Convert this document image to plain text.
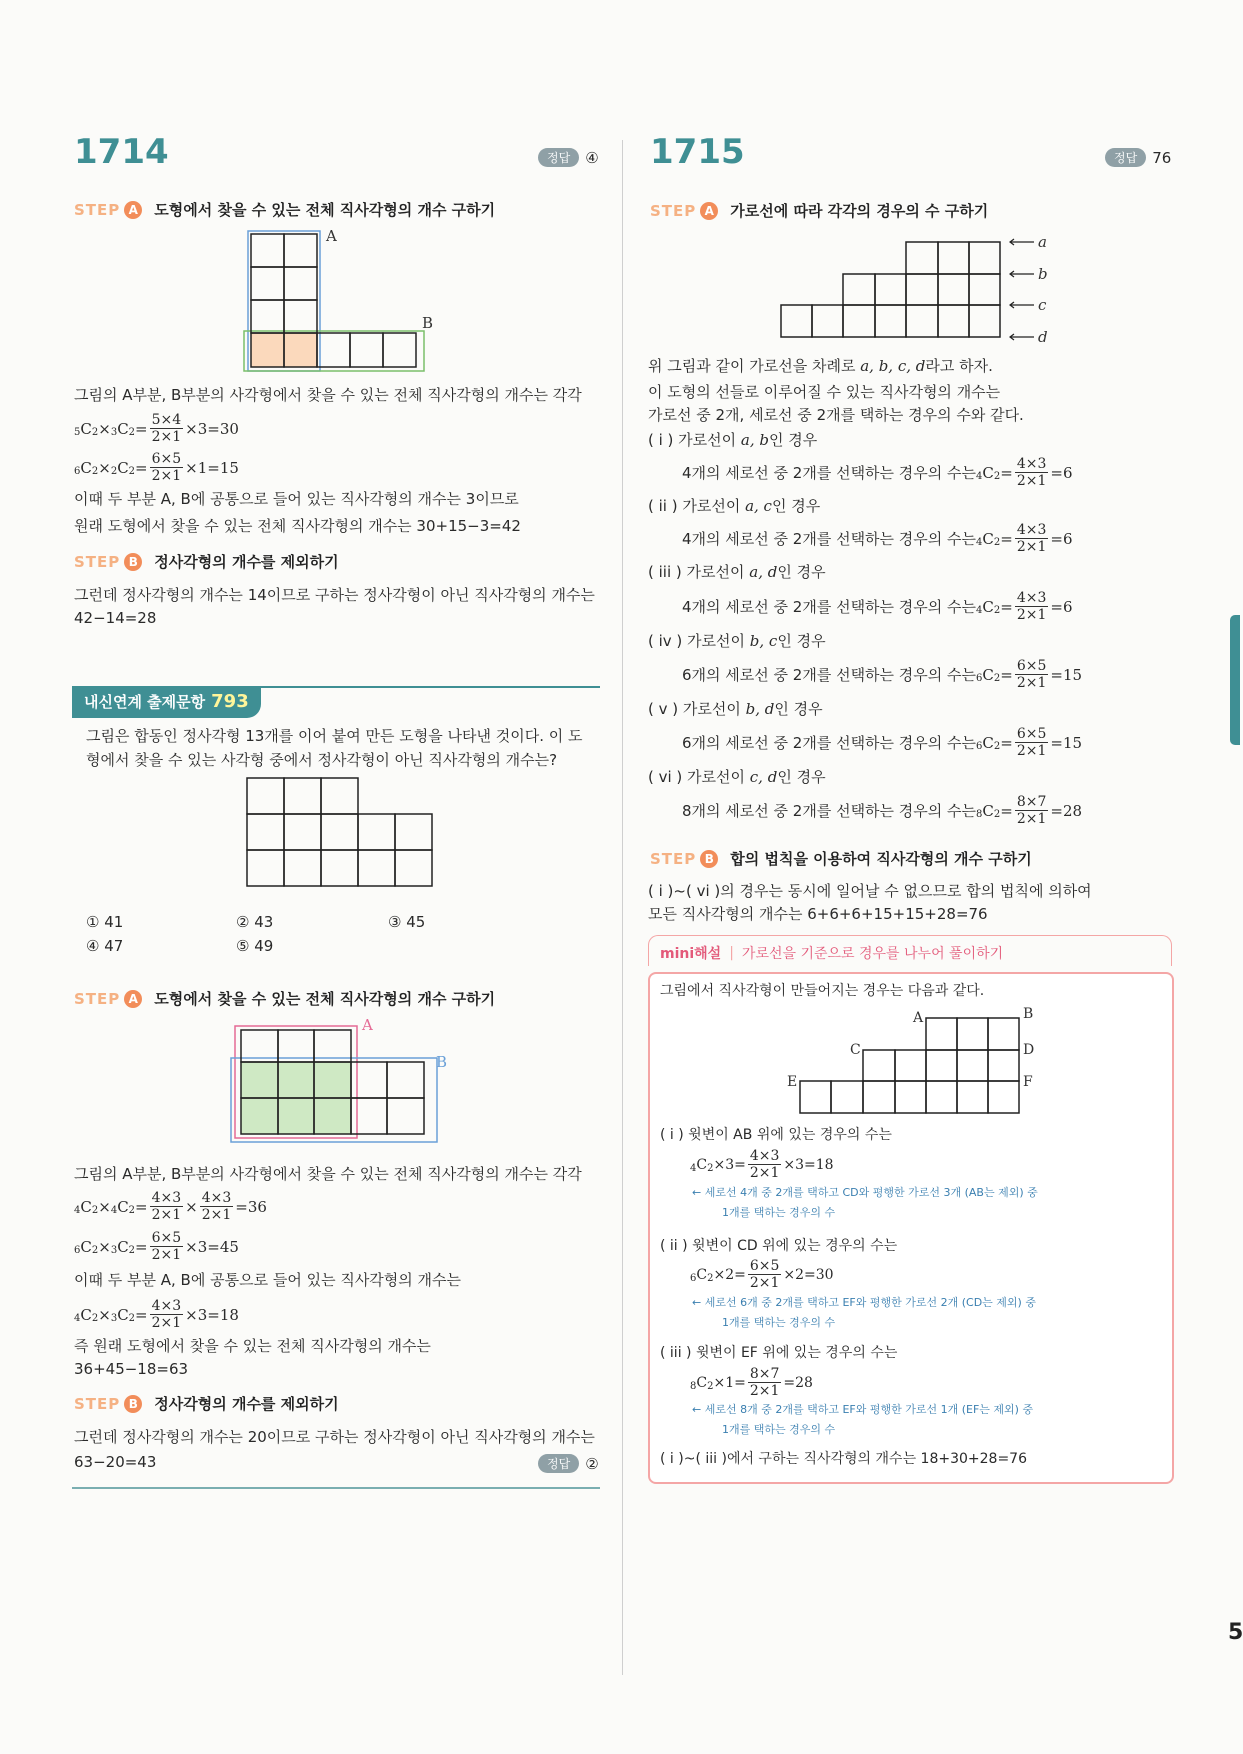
5
1714	정답	④
STEP A 도형에서 찾을 수 있는 전체 직사각형의 개수 구하기
A
B
그림의 A부분, B부분의 사각형에서 찾을 수 있는 전체 직사각형의 개수는 각각
5 C 2 × 3 C $2 = \frac{5\times 4}{2\times 1} \times 3=30$
6 C 2 × 2 C $2 = \frac{6\times 5}{2\times 1} \times 1=15$
이때 두 부분 A, B에 공통으로 들어 있는 직사각형의 개수는 3이므로
원래 도형에서 찾을 수 있는 전체 직사각형의 개수는 30+15−3=42
STEP B 정사각형의 개수를 제외하기
그런데 정사각형의 개수는 14이므로 구하는 정사각형이 아닌 직사각형의 개수는
42−14=28
내신연계 출제문항 793
그림은 합동인 정사각형 13개를 이어 붙여 만든 도형을 나타낸 것이다. 이 도
형에서 찾을 수 있는 사각형 중에서 정사각형이 아닌 직사각형의 개수는?
① 41	② 43	③ 45
④ 47	⑤ 49
STEP A 도형에서 찾을 수 있는 전체 직사각형의 개수 구하기
A
B
그림의 A부분, B부분의 사각형에서 찾을 수 있는 전체 직사각형의 개수는 각각
4 C 2 × 4 C $2 = \frac{4\times 3}{2\times 1} \times \frac{4\times 3}{2\times 1} =36$
6 C 2 × 3 C $2 = \frac{6\times 5}{2\times 1} \times 3=45$
이때 두 부분 A, B에 공통으로 들어 있는 직사각형의 개수는
4 C 2 × 3 C $2 = \frac{4\times 3}{2\times 1} \times 3=18$
즉 원래 도형에서 찾을 수 있는 전체 직사각형의 개수는
36+45−18=63
STEP B 정사각형의 개수를 제외하기
그런데 정사각형의 개수는 20이므로 구하는 정사각형이 아닌 직사각형의 개수는
63−20=43	정답	②
1715	정답	76
STEP A 가로선에 따라 각각의 경우의 수 구하기
a
b
c
d
위 그림과 같이 가로선을 차례로 a, b, c, d라고 하자.
이 도형의 선들로 이루어질 수 있는 직사각형의 개수는
가로선 중 2개, 세로선 중 2개를 택하는 경우의 수와 같다.
( i ) 가로선이 a, b인 경우
4개의 세로선 중 2개를 선택하는 경우의 수는 4 C $2 = \frac{4\times 3}{2\times 1} =6$
( ii ) 가로선이 a, c인 경우
4개의 세로선 중 2개를 선택하는 경우의 수는 4 C $2 = \frac{4\times 3}{2\times 1} =6$
( iii ) 가로선이 a, d인 경우
4개의 세로선 중 2개를 선택하는 경우의 수는 4 C $2 = \frac{4\times 3}{2\times 1} =6$
( iv ) 가로선이 b, c인 경우
6개의 세로선 중 2개를 선택하는 경우의 수는 6 C $2 = \frac{6\times 5}{2\times 1} =15$
( v ) 가로선이 b, d인 경우
6개의 세로선 중 2개를 선택하는 경우의 수는 6 C $2 = \frac{6\times 5}{2\times 1} =15$
( vi ) 가로선이 c, d인 경우
8개의 세로선 중 2개를 선택하는 경우의 수는 8 C $2 = \frac{8\times 7}{2\times 1} =28$
STEP B 합의 법칙을 이용하여 직사각형의 개수 구하기
( i )~( vi )의 경우는 동시에 일어날 수 없으므로 합의 법칙에 의하여
모든 직사각형의 개수는 6+6+6+15+15+28=76
mini해설 | 가로선을 기준으로 경우를 나누어 풀이하기
그림에서 직사각형이 만들어지는 경우는 다음과 같다.
A	B
C	D
E	F
( i ) 윗변이 AB 위에 있는 경우의 수는
4 C $2 \times 3= \frac{4\times 3}{2\times 1} \times 3=18$
← 세로선 4개 중 2개를 택하고 CD와 평행한 가로선 3개 (AB는 제외) 중
1개를 택하는 경우의 수
( ii ) 윗변이 CD 위에 있는 경우의 수는
6 C $2 \times 2= \frac{6\times 5}{2\times 1} \times 2=30$
← 세로선 6개 중 2개를 택하고 EF와 평행한 가로선 2개 (CD는 제외) 중
1개를 택하는 경우의 수
( iii ) 윗변이 EF 위에 있는 경우의 수는
8 C $2 \times 1= \frac{8\times 7}{2\times 1} =28$
← 세로선 8개 중 2개를 택하고 EF와 평행한 가로선 1개 (EF는 제외) 중
1개를 택하는 경우의 수
( i )~( iii )에서 구하는 직사각형의 개수는 18+30+28=76
